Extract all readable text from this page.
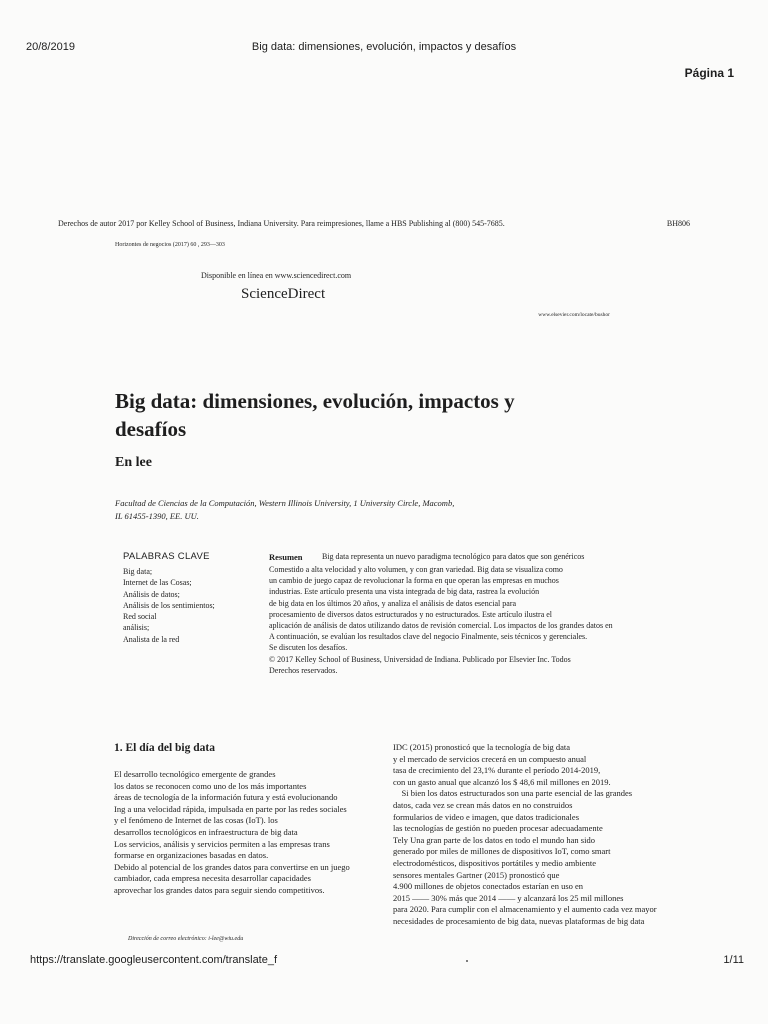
20/8/2019	Big data: dimensiones, evolución, impactos y desafíos
Página 1
Derechos de autor 2017 por Kelley School of Business, Indiana University. Para reimpresiones, llame a HBS Publishing al (800) 545-7685.	BH806
Horizontes de negocios (2017) 60 , 293—303
Disponible en línea en www.sciencedirect.com
ScienceDirect
www.elsevier.com/locate/bushor
Big data: dimensiones, evolución, impactos y
desafíos
En lee
Facultad de Ciencias de la Computación, Western Illinois University, 1 University Circle, Macomb,
IL 61455-1390, EE. UU.
PALABRAS CLAVE
Big data;
Internet de las Cosas;
Análisis de datos;
Análisis de los sentimientos;
Red social
análisis;
Analista de la red
Resumen Big data representa un nuevo paradigma tecnológico para datos que son genéricos
Comestido a alta velocidad y alto volumen, y con gran variedad. Big data se visualiza como
un cambio de juego capaz de revolucionar la forma en que operan las empresas en muchos
industrias. Este artículo presenta una vista integrada de big data, rastrea la evolución
de big data en los últimos 20 años, y analiza el análisis de datos esencial para
procesamiento de diversos datos estructurados y no estructurados. Este artículo ilustra el
aplicación de análisis de datos utilizando datos de revisión comercial. Los impactos de los grandes datos en
A continuación, se evalúan los resultados clave del negocio Finalmente, seis técnicos y gerenciales.
Se discuten los desafíos.
© 2017 Kelley School of Business, Universidad de Indiana. Publicado por Elsevier Inc. Todos
Derechos reservados.
1. El día del big data
El desarrollo tecnológico emergente de grandes
los datos se reconocen como uno de los más importantes
áreas de tecnología de la información futura y está evolucionando
Ing a una velocidad rápida, impulsada en parte por las redes sociales
y el fenómeno de Internet de las cosas (IoT). los
desarrollos tecnológicos en infraestructura de big data
Los servicios, análisis y servicios permiten a las empresas trans
formarse en organizaciones basadas en datos.
Debido al potencial de los grandes datos para convertirse en un juego
cambiador, cada empresa necesita desarrollar capacidades
aprovechar los grandes datos para seguir siendo competitivos.
Dirección de correo electrónico: i-lee@wiu.edu
IDC (2015) pronosticó que la tecnología de big data
y el mercado de servicios crecerá en un compuesto anual
tasa de crecimiento del 23,1% durante el período 2014-2019,
con un gasto anual que alcanzó los $ 48,6 mil millones en 2019.
Si bien los datos estructurados son una parte esencial de las grandes
datos, cada vez se crean más datos en no construidos
formularios de video e imagen, que datos tradicionales
las tecnologías de gestión no pueden procesar adecuadamente
Tely Una gran parte de los datos en todo el mundo han sido
generado por miles de millones de dispositivos IoT, como smart
electrodomésticos, dispositivos portátiles y medio ambiente
sensores mentales Gartner (2015) pronosticó que
4.900 millones de objetos conectados estarían en uso en
2015 —— 30% más que 2014 —— y alcanzará los 25 mil millones
para 2020. Para cumplir con el almacenamiento y el aumento cada vez mayor
necesidades de procesamiento de big data, nuevas plataformas de big data
https://translate.googleusercontent.com/translate_f	1/11
